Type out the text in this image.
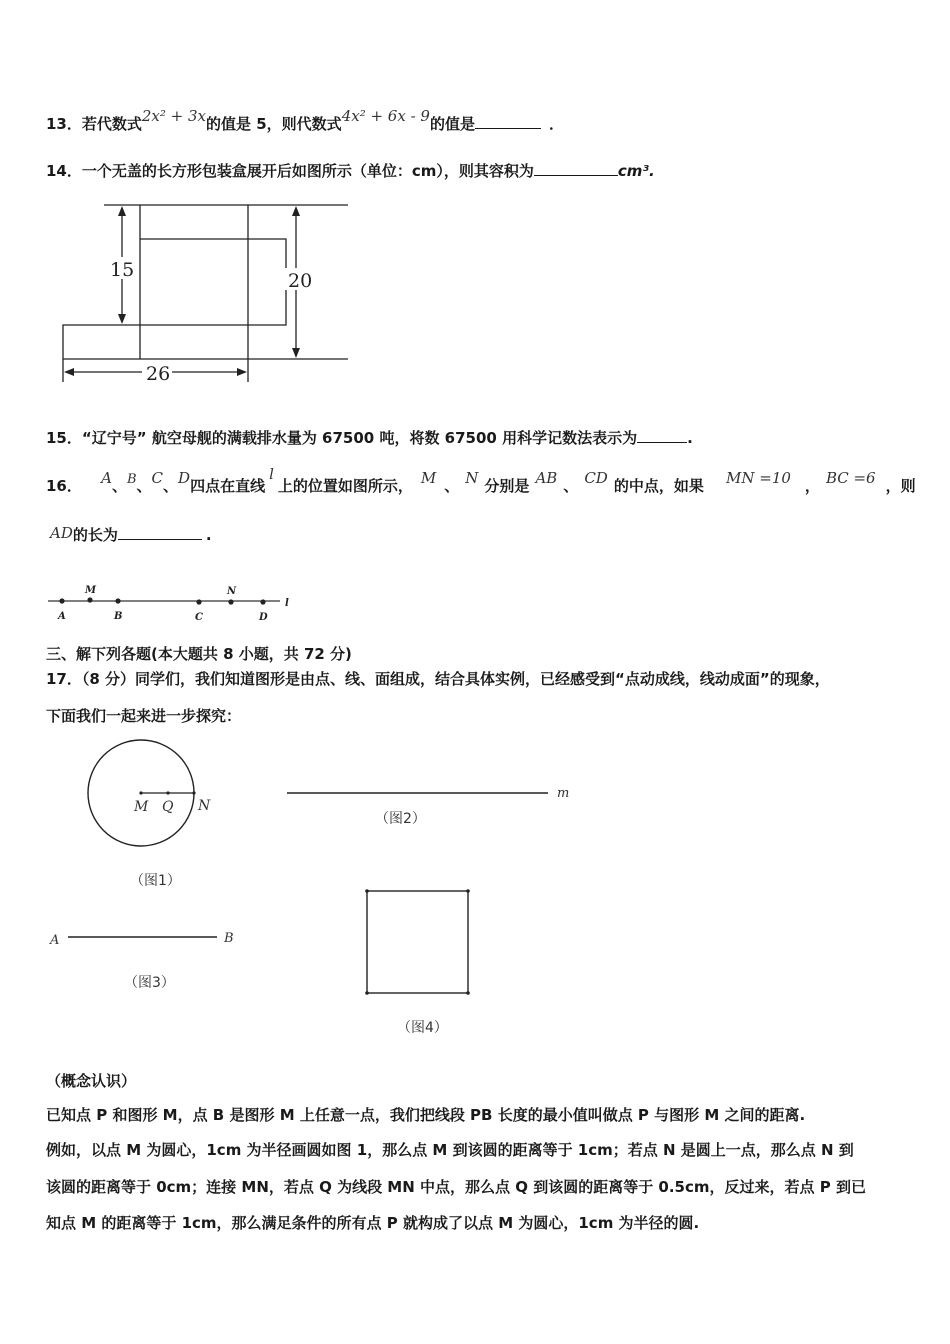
13．若代数式2x² + 3x的值是 5，则代数式4x² + 6x - 9的值是	．
14．一个无盖的长方形包装盒展开后如图所示（单位：cm），则其容积为	cm³.
15	20
26
15．“辽宁号” 航空母舰的满载排水量为 67500 吨，将数 67500 用科学记数法表示为	.
16． A、B、C、D四点在直线l上的位置如图所示， M 、 N 分别是 AB 、 CD 的中点，如果 MN =10 ， BC =6 ，则
AD的长为	.
A
M
B	C
N
D
l
三、解下列各题(本大题共 8 小题，共 72 分)
17．（8 分）同学们，我们知道图形是由点、线、面组成，结合具体实例，已经感受到“点动成线，线动成面”的现象，
下面我们一起来进一步探究：
M Q N
m
A	B
（图1）
（图2）
（图3）
（图4）
（概念认识）
已知点 P 和图形 M，点 B 是图形 M 上任意一点，我们把线段 PB 长度的最小值叫做点 P 与图形 M 之间的距离.
例如，以点 M 为圆心，1cm 为半径画圆如图 1，那么点 M 到该圆的距离等于 1cm；若点 N 是圆上一点，那么点 N 到
该圆的距离等于 0cm；连接 MN，若点 Q 为线段 MN 中点，那么点 Q 到该圆的距离等于 0.5cm，反过来，若点 P 到已
知点 M 的距离等于 1cm，那么满足条件的所有点 P 就构成了以点 M 为圆心，1cm 为半径的圆.
